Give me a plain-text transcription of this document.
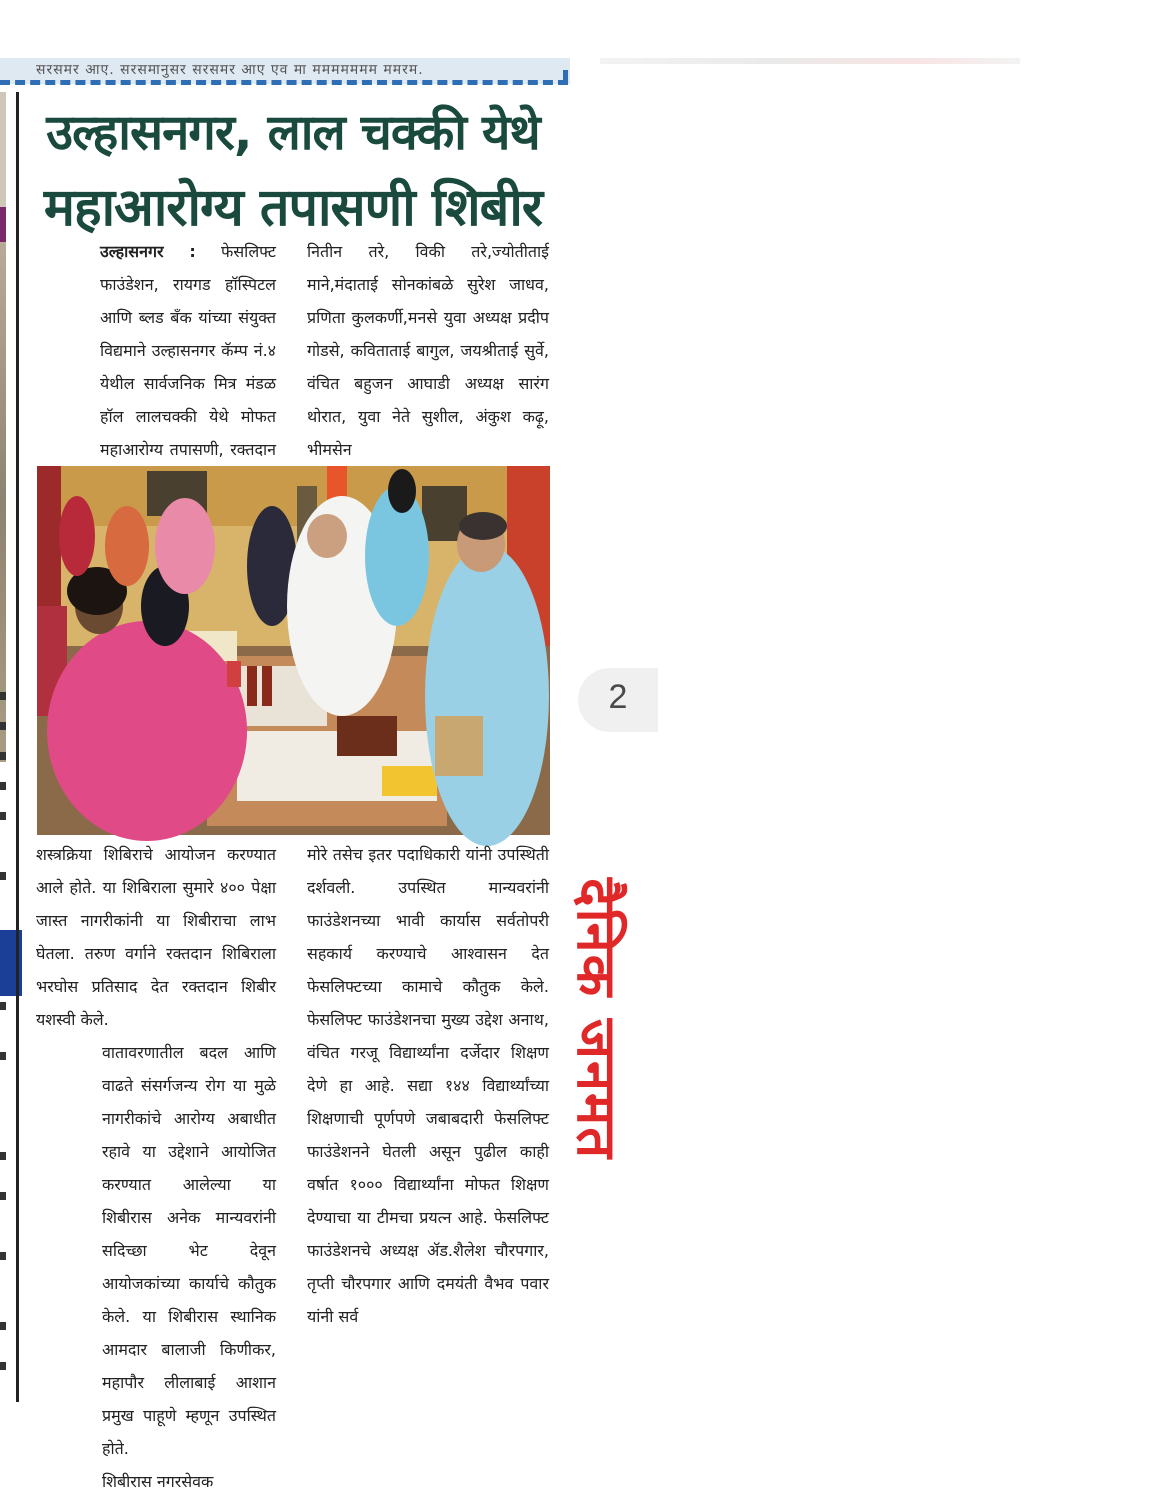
सरसमर आए. सरसमानुसर सरसमर आए एव मा ममममममम ममरम.
उल्हासनगर, लाल चक्की येथे
महाआरोग्य तपासणी शिबीर

उल्हासनगर : फेसलिफ्ट फाउंडेशन, रायगड हॉस्पिटल आणि ब्लड बँक यांच्या संयुक्त विद्यमाने उल्हासनगर कॅम्प नं.४ येथील सार्वजनिक मित्र मंडळ हॉल लालचक्की येथे मोफत महाआरोग्य तपासणी, रक्तदान

नितीन तरे, विकी तरे,ज्योतीताई माने,मंदाताई सोनकांबळे सुरेश जाधव, प्रणिता कुलकर्णी,मनसे युवा अध्यक्ष प्रदीप गोडसे, कविताताई बागुल, जयश्रीताई सुर्वे, वंचित बहुजन आघाडी अध्यक्ष सारंग थोरात, युवा नेते सुशील, अंकुश कढ़ू, भीमसेन

शस्त्रक्रिया शिबिराचे आयोजन करण्यात आले होते. या शिबिराला सुमारे ४०० पेक्षा जास्त नागरीकांनी या शिबीराचा लाभ घेतला. तरुण वर्गाने रक्तदान शिबिराला भरघोस प्रतिसाद देत रक्तदान शिबीर यशस्वी केले.

वातावरणातील बदल आणि वाढते संसर्गजन्य रोग या मुळे नागरीकांचे आरोग्य अबाधीत रहावे या उद्देशाने आयोजित करण्यात आलेल्या या शिबीरास अनेक मान्यवरांनी सदिच्छा भेट देवून आयोजकांच्या कार्याचे कौतुक केले. या शिबीरास स्थानिक आमदार बालाजी किणीकर, महापौर लीलाबाई आशान प्रमुख पाहूणे म्हणून उपस्थित होते.

शिबीरास नगरसेवक

मोरे तसेच इतर पदाधिकारी यांनी उपस्थिती दर्शवली. उपस्थित मान्यवरांनी फाउंडेशनच्या भावी कार्यास सर्वतोपरी सहकार्य करण्याचे आश्वासन देत फेसलिफ्टच्या कामाचे कौतुक केले. फेसलिफ्ट फाउंडेशनचा मुख्य उद्देश अनाथ, वंचित गरजू विद्यार्थ्यांना दर्जेदार शिक्षण देणे हा आहे. सद्या १४४ विद्यार्थ्यांच्या शिक्षणाची पूर्णपणे जबाबदारी फेसलिफ्ट फाउंडेशनने घेतली असून पुढील काही वर्षात १००० विद्यार्थ्यांना मोफत शिक्षण देण्याचा या टीमचा प्रयत्न आहे. फेसलिफ्ट फाउंडेशनचे अध्यक्ष ॲड.शैलेश चौरपगार, तृप्ती चौरपगार आणि दमयंती वैभव पवार यांनी सर्व

2
दैनिक जनमत
